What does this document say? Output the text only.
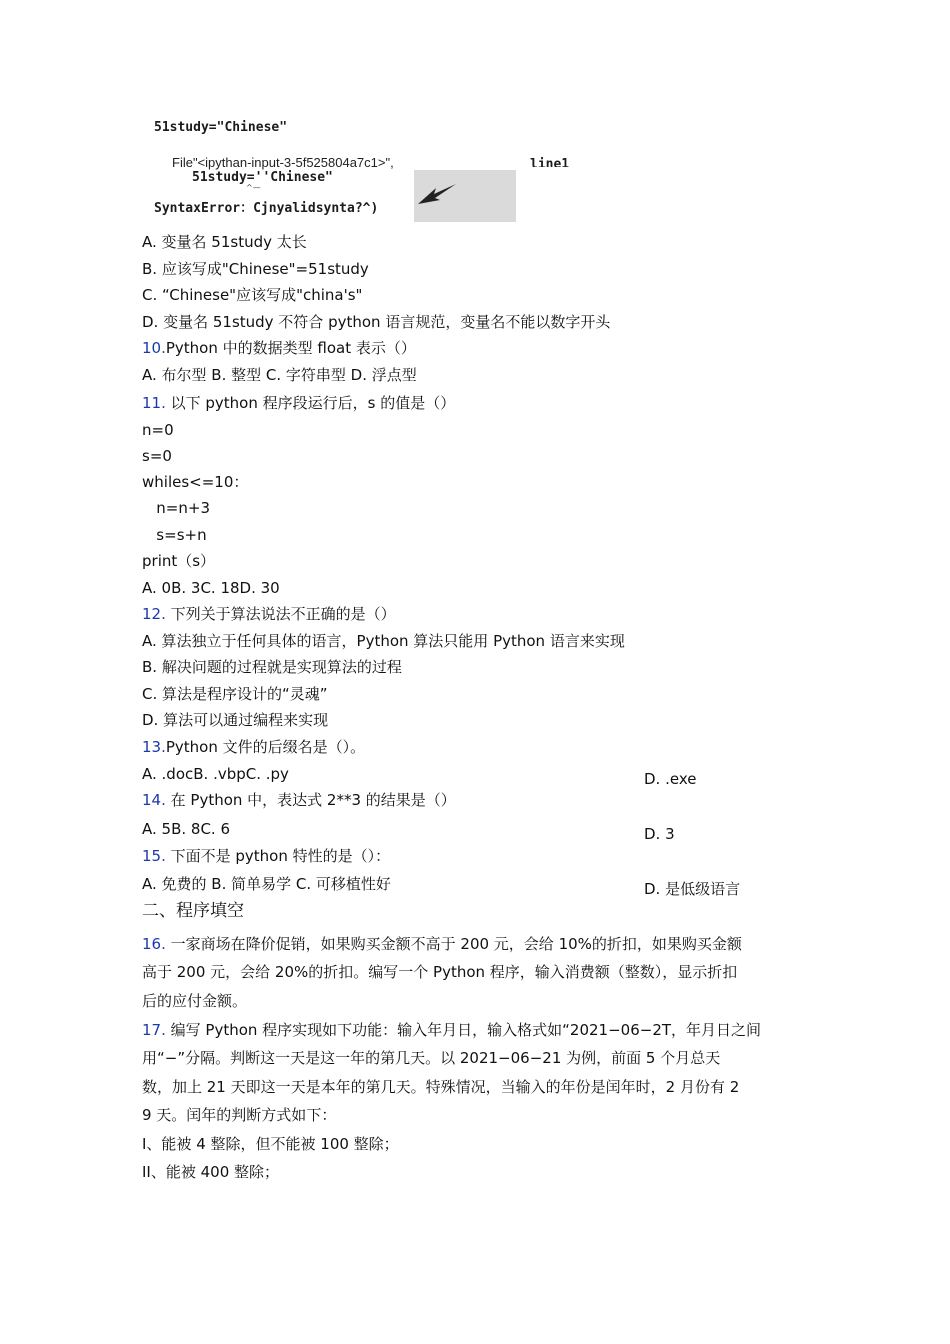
51study="Chinese"
File"<ipythan-input-3-5f525804a7c1>",	line1
51study=''Chinese"
^—
SyntaxError：Cjnyalidsynta?^)
A. 变量名 51study 太长
B. 应该写成"Chinese"=51study
C. “Chinese"应该写成"china's"
D. 变量名 51study 不符合 python 语言规范，变量名不能以数字开头
10.Python 中的数据类型 float 表示（）
A. 布尔型 B. 整型 C. 字符串型 D. 浮点型
11. 以下 python 程序段运行后，s 的值是（）
n=0
s=0
whiles<=10：
n=n+3
s=s+n
print（s）
A. 0B. 3C. 18D. 30
12. 下列关于算法说法不正确的是（）
A. 算法独立于任何具体的语言，Python 算法只能用 Python 语言来实现
B. 解决问题的过程就是实现算法的过程
C. 算法是程序设计的“灵魂”
D. 算法可以通过编程来实现
13.Python 文件的后缀名是（）。
A. .docB. .vbpC. .py	D. .exe
14. 在 Python 中，表达式 2**3 的结果是（）
A. 5B. 8C. 6	D. 3
15. 下面不是 python 特性的是（）：
A. 免费的 B. 简单易学 C. 可移植性好	D. 是低级语言
二、程序填空
16. 一家商场在降价促销，如果购买金额不高于 200 元，会给 10%的折扣，如果购买金额
高于 200 元，会给 20%的折扣。编写一个 Python 程序，输入消费额（整数），显示折扣
后的应付金额。
17. 编写 Python 程序实现如下功能：输入年月日，输入格式如“2021−06−2T，年月日之间
用“−”分隔。判断这一天是这一年的第几天。以 2021−06−21 为例，前面 5 个月总天
数，加上 21 天即这一天是本年的第几天。特殊情况，当输入的年份是闰年时，2 月份有 2
9 天。闰年的判断方式如下：
I、能被 4 整除，但不能被 100 整除；
II、能被 400 整除；
